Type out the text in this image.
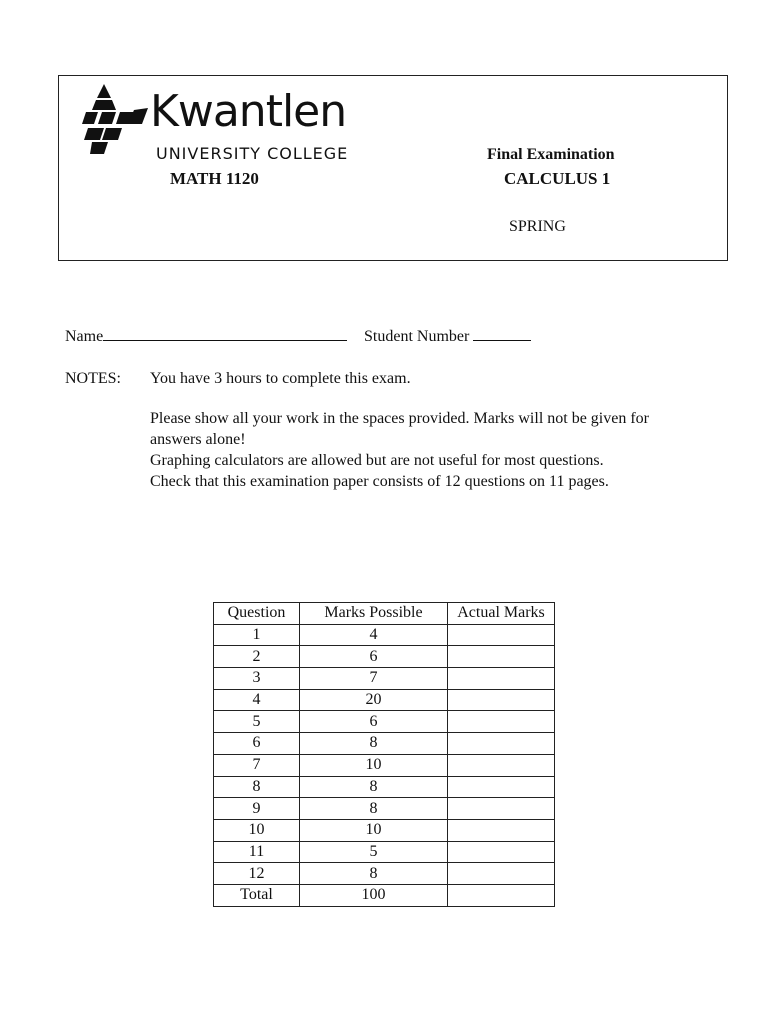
Kwantlen
UNIVERSITY COLLEGE
MATH 1120
Final Examination
CALCULUS 1
SPRING
Name	Student Number
NOTES: You have 3 hours to complete this exam.
Please show all your work in the spaces provided. Marks will not be given for
answers alone!
Graphing calculators are allowed but are not useful for most questions.
Check that this examination paper consists of 12 questions on 11 pages.
Question	Marks Possible	Actual Marks
1	4	
2	6	
3	7	
4	20	
5	6	
6	8	
7	10	
8	8	
9	8	
10	10	
11	5	
12	8	
Total	100	
